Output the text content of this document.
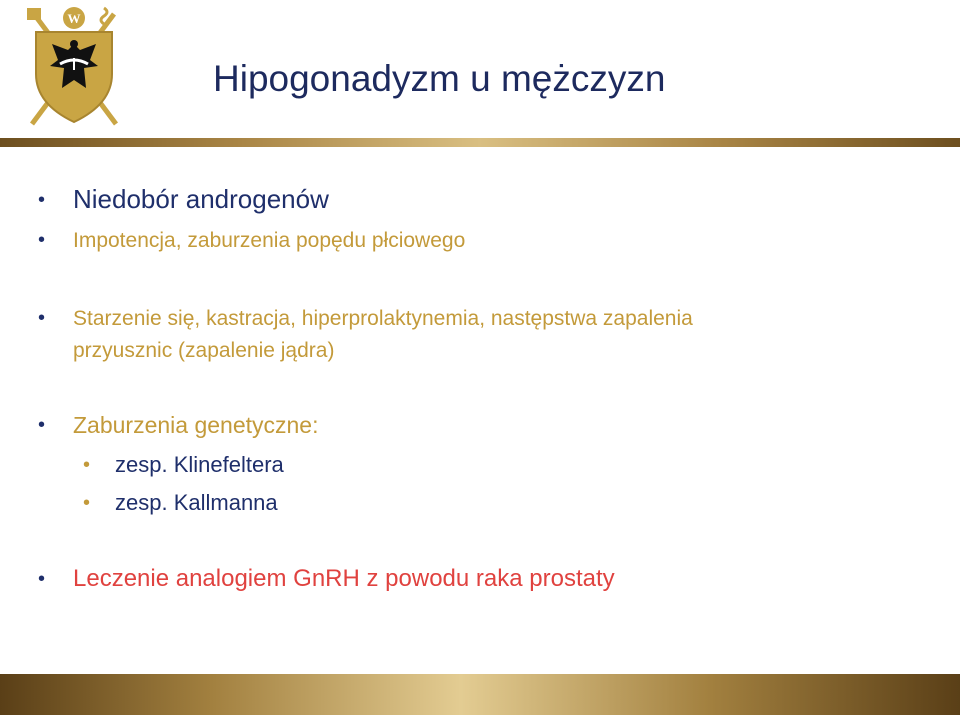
W
Hipogonadyzm u mężczyzn
• Niedobór androgenów
• Impotencja, zaburzenia popędu płciowego
• Starzenie się, kastracja, hiperprolaktynemia, następstwa zapalenia
przyusznic (zapalenie jądra)
• Zaburzenia genetyczne:
• zesp. Klinefeltera
• zesp. Kallmanna
• Leczenie analogiem GnRH z powodu raka prostaty
